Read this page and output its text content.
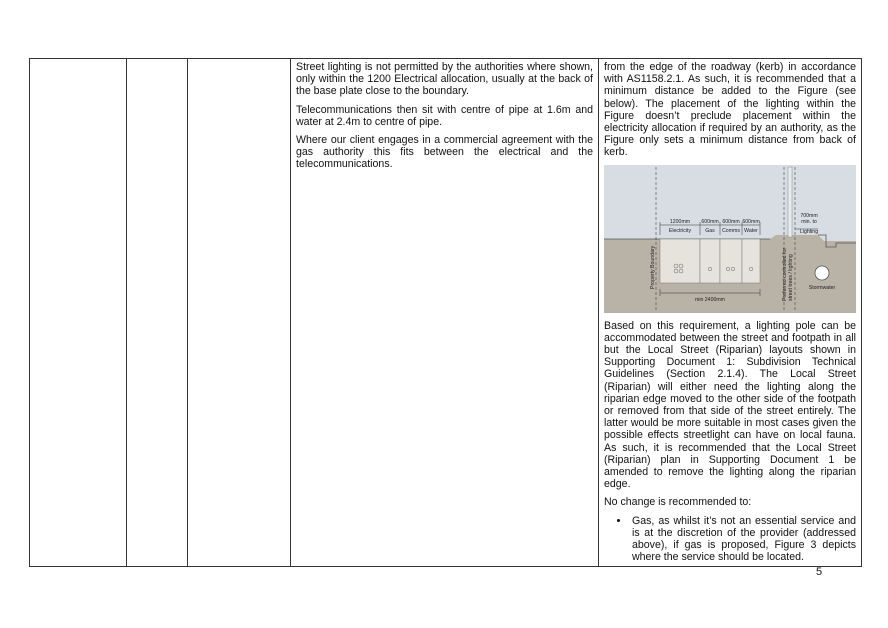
Street lighting is not permitted by the authorities where shown, only within the 1200 Electrical allocation, usually at the back of the base plate close to the boundary.

Telecommunications then sit with centre of pipe at 1.6m and water at 2.4m to centre of pipe.

Where our client engages in a commercial agreement with the gas authority this fits between the electrical and the telecommunications.

from the edge of the roadway (kerb) in accordance with AS1158.2.1. As such, it is recommended that a minimum distance be added to the Figure (see below). The placement of the lighting within the Figure doesn’t preclude placement within the electricity allocation if required by an authority, as the Figure only sets a minimum distance from back of kerb.

1200mm
Electricity
600mm
Gas
600mm
Comms
600mm
Water
700mm
min. to
Lighting
min 2400mm
Stormwater
Property Boundary	Preferred controlled for street trees / lighting

Based on this requirement, a lighting pole can be accommodated between the street and footpath in all but the Local Street (Riparian) layouts shown in Supporting Document 1: Subdivision Technical Guidelines (Section 2.1.4). The Local Street (Riparian) will either need the lighting along the riparian edge moved to the other side of the footpath or removed from that side of the street entirely. The latter would be more suitable in most cases given the possible effects streetlight can have on local fauna. As such, it is recommended that the Local Street (Riparian) plan in Supporting Document 1 be amended to remove the lighting along the riparian edge.

No change is recommended to:

• Gas, as whilst it’s not an essential service and is at the discretion of the provider (addressed above), if gas is proposed, Figure 3 depicts where the service should be located.
5
